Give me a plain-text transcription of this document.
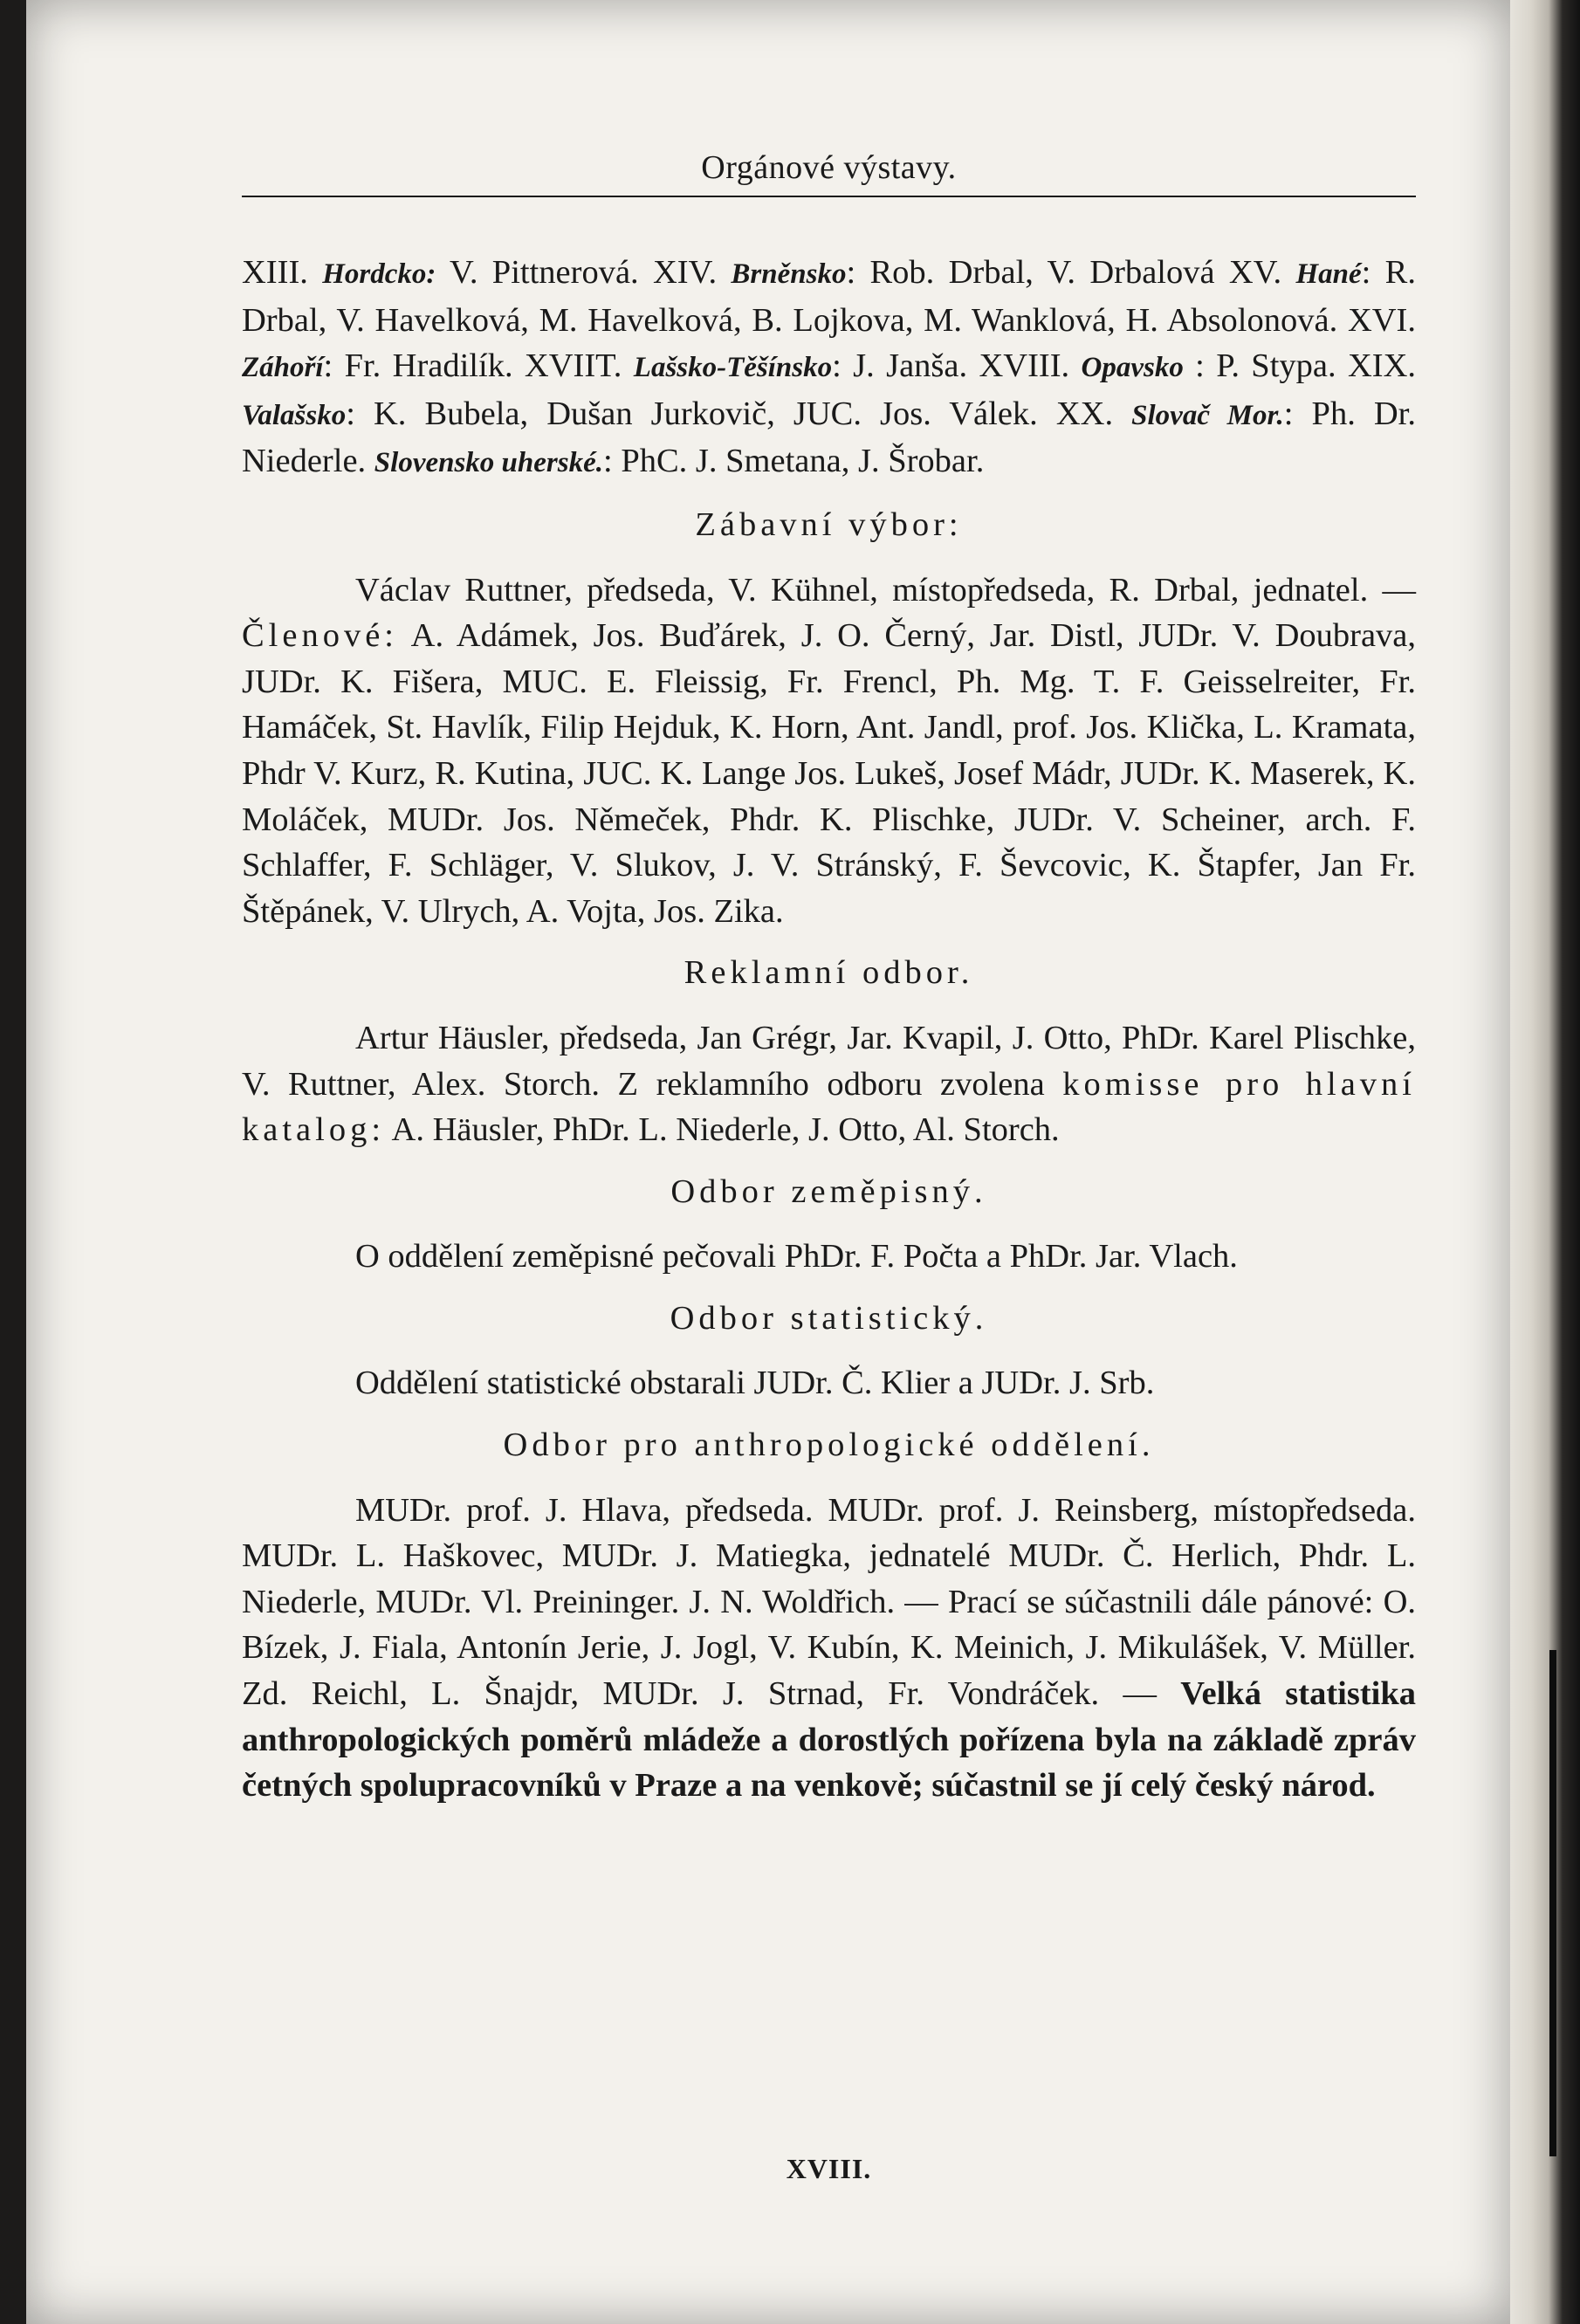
Orgánové výstavy.

XIII. Hordcko: V. Pittnerová. XIV. Brněnsko: Rob. Drbal, V. Drbalová XV. Hané: R. Drbal, V. Havelková, M. Havelková, B. Lojkova, M. Wanklová, H. Absolonová. XVI. Záhoří: Fr. Hradilík. XVIIT. Lašsko-Těšínsko: J. Janša. XVIII. Opavsko : P. Stypa. XIX. Valašsko: K. Bubela, Dušan Jurkovič, JUC. Jos. Válek. XX. Slovač Mor.: Ph. Dr. Niederle. Slovensko uherské.: PhC. J. Smetana, J. Šrobar.

Zábavní výbor:

Václav Ruttner, předseda, V. Kühnel, místopředseda, R. Drbal, jednatel. — Členové: A. Adámek, Jos. Buďárek, J. O. Černý, Jar. Distl, JUDr. V. Doubrava, JUDr. K. Fišera, MUC. E. Fleissig, Fr. Frencl, Ph. Mg. T. F. Geisselreiter, Fr. Hamáček, St. Havlík, Filip Hejduk, K. Horn, Ant. Jandl, prof. Jos. Klička, L. Kramata, Phdr V. Kurz, R. Kutina, JUC. K. Lange Jos. Lukeš, Josef Mádr, JUDr. K. Maserek, K. Moláček, MUDr. Jos. Němeček, Phdr. K. Plischke, JUDr. V. Scheiner, arch. F. Schlaffer, F. Schläger, V. Slukov, J. V. Stránský, F. Ševcovic, K. Štapfer, Jan Fr. Štěpánek, V. Ulrych, A. Vojta, Jos. Zika.

Reklamní odbor.

Artur Häusler, předseda, Jan Grégr, Jar. Kvapil, J. Otto, PhDr. Karel Plischke, V. Ruttner, Alex. Storch. Z reklamního odboru zvolena komisse pro hlavní katalog: A. Häusler, PhDr. L. Niederle, J. Otto, Al. Storch.

Odbor zeměpisný.

O oddělení zeměpisné pečovali PhDr. F. Počta a PhDr. Jar. Vlach.

Odbor statistický.

Oddělení statistické obstarali JUDr. Č. Klier a JUDr. J. Srb.

Odbor pro anthropologické oddělení.

MUDr. prof. J. Hlava, předseda. MUDr. prof. J. Reinsberg, místopředseda. MUDr. L. Haškovec, MUDr. J. Matiegka, jednatelé MUDr. Č. Herlich, Phdr. L. Niederle, MUDr. Vl. Preininger. J. N. Woldřich. — Prací se súčastnili dále pánové: O. Bízek, J. Fiala, Antonín Jerie, J. Jogl, V. Kubín, K. Meinich, J. Mikulášek, V. Müller. Zd. Reichl, L. Šnajdr, MUDr. J. Strnad, Fr. Vondráček. — Velká statistika anthropologických poměrů mládeže a dorostlých pořízena byla na základě zpráv četných spolupracovníků v Praze a na venkově; súčastnil se jí celý český národ.

XVIII.
